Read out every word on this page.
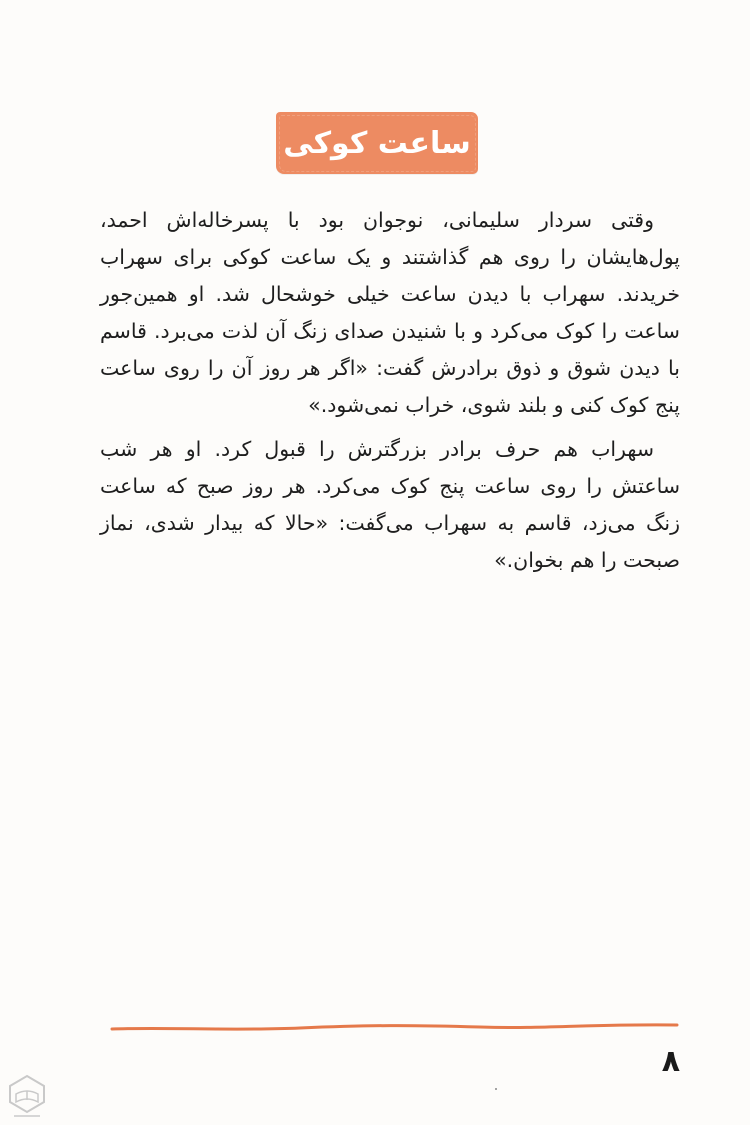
ساعت کوکی

وقتی سردار سلیمانی، نوجوان بود با پسرخاله‌اش احمد، پول‌هایشان را روی هم گذاشتند و یک ساعت کوکی برای سهراب خریدند. سهراب با دیدن ساعت خیلی خوشحال شد. او همین‌جور ساعت را کوک می‌کرد و با شنیدن صدای زنگ آن لذت می‌برد. قاسم با دیدن شوق و ذوق برادرش گفت: «اگر هر روز آن را روی ساعت پنج کوک کنی و بلند شوی، خراب نمی‌شود.»

سهراب هم حرف برادر بزرگترش را قبول کرد. او هر شب ساعتش را روی ساعت پنج کوک می‌کرد. هر روز صبح که ساعت زنگ می‌زد، قاسم به سهراب می‌گفت: «حالا که بیدار شدی، نماز صبحت را هم بخوان.»

۸
